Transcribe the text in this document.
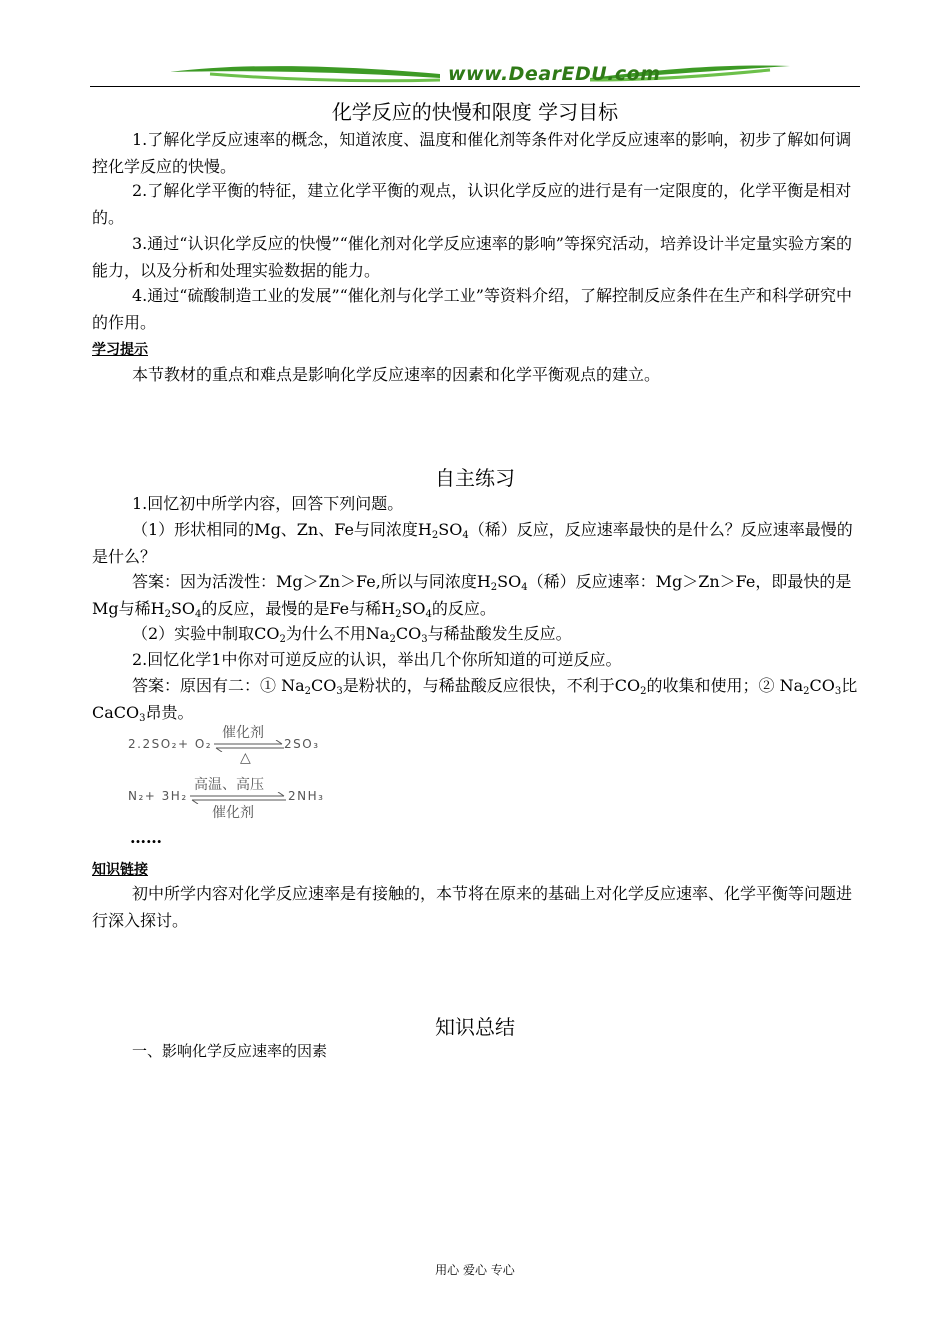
www.DearEDU.com
化学反应的快慢和限度 学习目标
1.了解化学反应速率的概念，知道浓度、温度和催化剂等条件对化学反应速率的影响，初步了解如何调控化学反应的快慢。
2.了解化学平衡的特征，建立化学平衡的观点，认识化学反应的进行是有一定限度的，化学平衡是相对的。
3.通过“认识化学反应的快慢”“催化剂对化学反应速率的影响”等探究活动，培养设计半定量实验方案的能力，以及分析和处理实验数据的能力。
4.通过“硫酸制造工业的发展”“催化剂与化学工业”等资料介绍，了解控制反应条件在生产和科学研究中的作用。
学习提示
本节教材的重点和难点是影响化学反应速率的因素和化学平衡观点的建立。
自主练习
1.回忆初中所学内容，回答下列问题。
（1）形状相同的Mg、Zn、Fe与同浓度$H_2SO_4$（稀）反应，反应速率最快的是什么？反应速率最慢的是什么？
答案：因为活泼性：Mg＞Zn＞Fe,所以与同浓度$H_2SO_4$（稀）反应速率：Mg＞Zn＞Fe，即最快的是Mg与稀$H_2SO_4$的反应，最慢的是Fe与稀$H_2SO_4$的反应。
（2）实验中制取$CO_2$为什么不用$Na_2CO_3$与稀盐酸发生反应。
2.回忆化学1中你对可逆反应的认识，举出几个你所知道的可逆反应。
答案：原因有二：① $Na_2CO_3$是粉状的，与稀盐酸反应很快，不利于$CO_2$的收集和使用；② $Na_2CO_3$比CaCO$_3$昂贵。
2.2SO₂+ O₂
催化剂
△
2SO₃
N₂+ 3H₂
高温、高压
催化剂
2NH₃
……
知识链接
初中所学内容对化学反应速率是有接触的，本节将在原来的基础上对化学反应速率、化学平衡等问题进行深入探讨。
知识总结
一、影响化学反应速率的因素
用心 爱心 专心
